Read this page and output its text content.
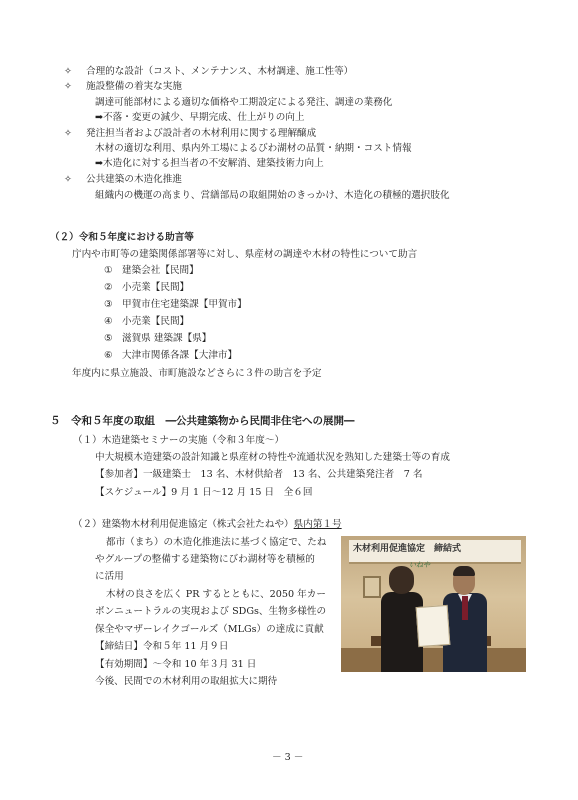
✧ 合理的な設計（コスト、メンテナンス、木材調達、施工性等）
✧ 施設整備の着実な実施
調達可能部材による適切な価格や工期設定による発注、調達の業務化
➡不落・変更の減少、早期完成、仕上がりの向上
✧ 発注担当者および設計者の木材利用に関する理解醸成
木材の適切な利用、県内外工場によるびわ湖材の品質・納期・コスト情報
➡木造化に対する担当者の不安解消、建築技術力向上
✧ 公共建築の木造化推進
組織内の機運の高まり、営繕部局の取組開始のきっかけ、木造化の積極的選択肢化
（２）令和５年度における助言等
庁内や市町等の建築関係部署等に対し、県産材の調達や木材の特性について助言
① 建築会社【民間】
② 小売業【民間】
③ 甲賀市住宅建築課【甲賀市】
④ 小売業【民間】
⑤ 滋賀県 建築課【県】
⑥ 大津市関係各課【大津市】
年度内に県立施設、市町施設などさらに３件の助言を予定
５　令和５年度の取組　―公共建築物から民間非住宅への展開―
（１）木造建築セミナーの実施（令和３年度～）
中大規模木造建築の設計知識と県産材の特性や流通状況を熟知した建築士等の育成
【参加者】一級建築士　13 名、木材供給者　13 名、公共建築発注者　7 名
【スケジュール】9 月 1 日～12 月 15 日　全６回
（２）建築物木材利用促進協定（株式会社たねや）県内第１号
都市（まち）の木造化推進法に基づく協定で、たね
やグループの整備する建築物にびわ湖材等を積極的
に活用
木材の良さを広く PR するとともに、2050 年カー
ボンニュートラルの実現および SDGs、生物多様性の
保全やマザーレイクゴールズ（MLGs）の達成に貢献
【締結日】令和５年 11 月９日
【有効期間】～令和 10 年３月 31 日
今後、民間での木材利用の取組拡大に期待
木材利用促進協定　締結式
いねや
－ 3 －
